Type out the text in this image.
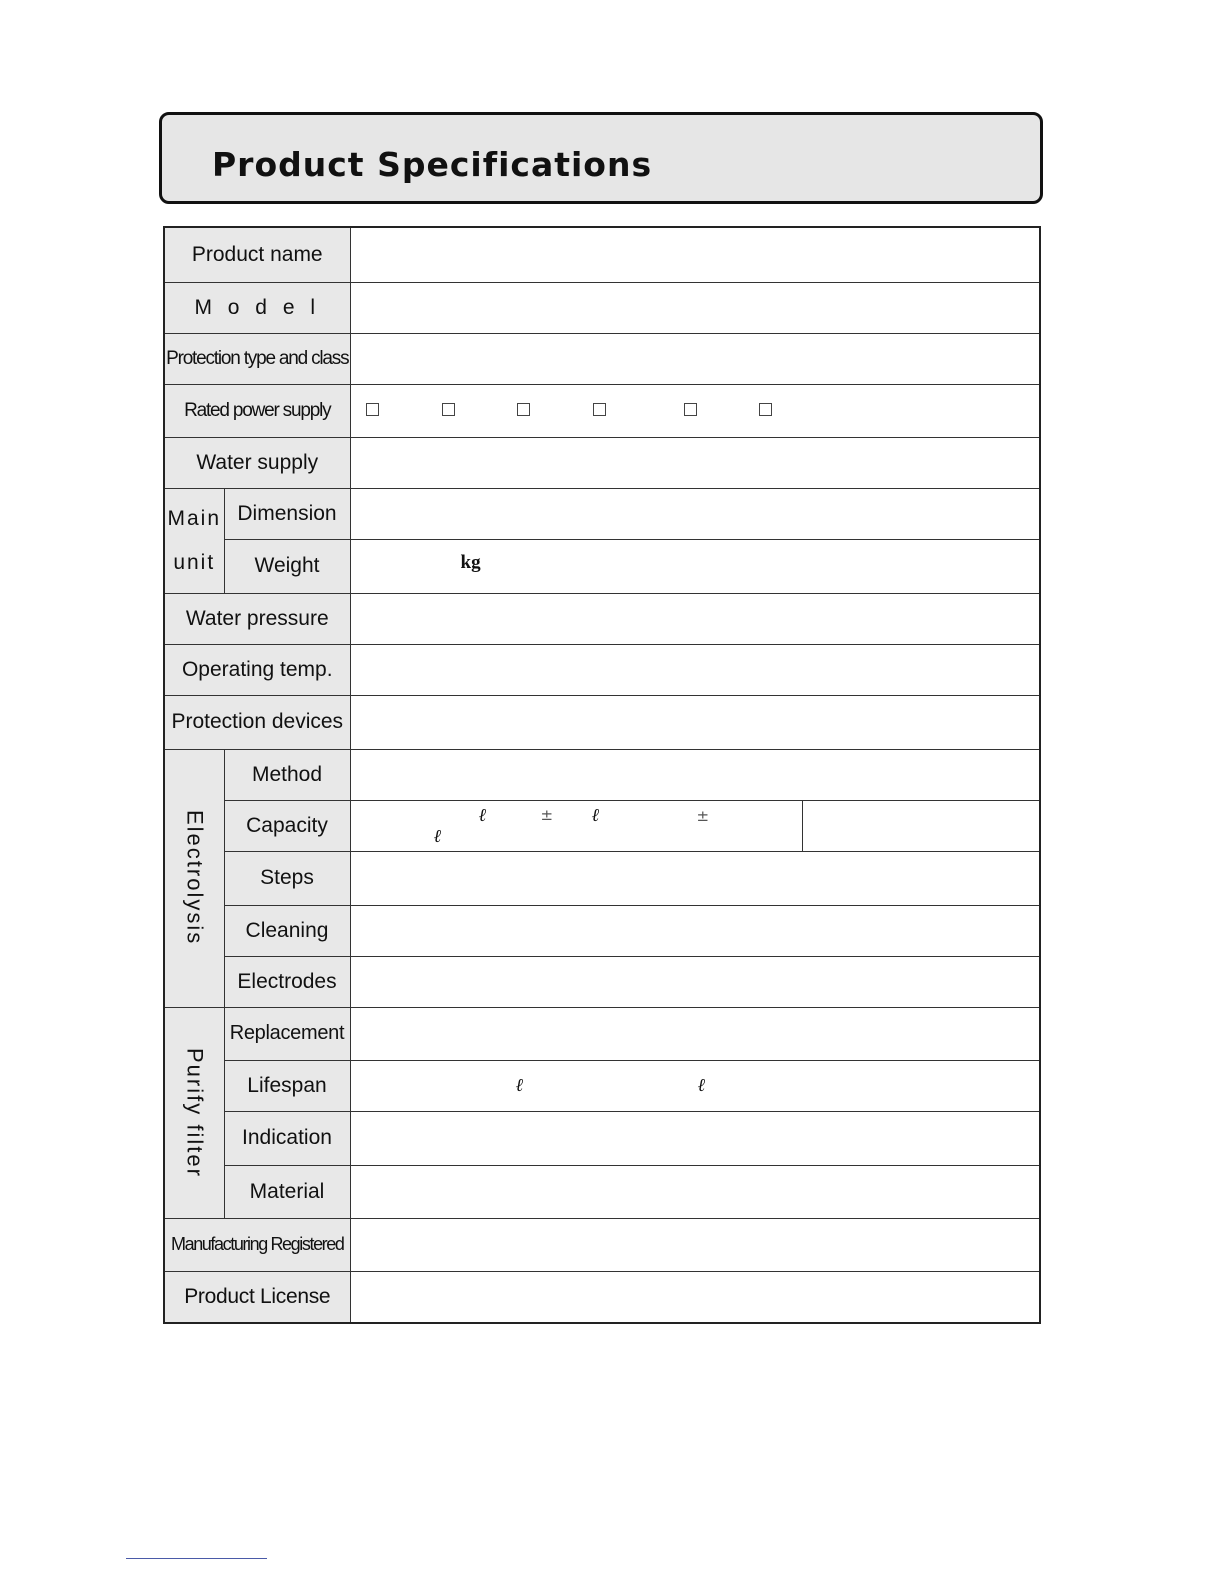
Product Specifications
Product name			
M o d e l			
Protection type and class			
Rated power supply			

Water supply			
Main unit	Dimension		
	Weight	kg	

Water pressure			
Operating temp.			
Protection devices			
Electrolysis	Method		
	Capacity	ℓ ± ℓ ±
ℓ	

	Steps		
	Cleaning		
	Electrodes		
Purify filter	Replacement		
	Lifespan	ℓ ℓ	

	Indication		
	Material		
Manufacturing Registered			
Product License			
